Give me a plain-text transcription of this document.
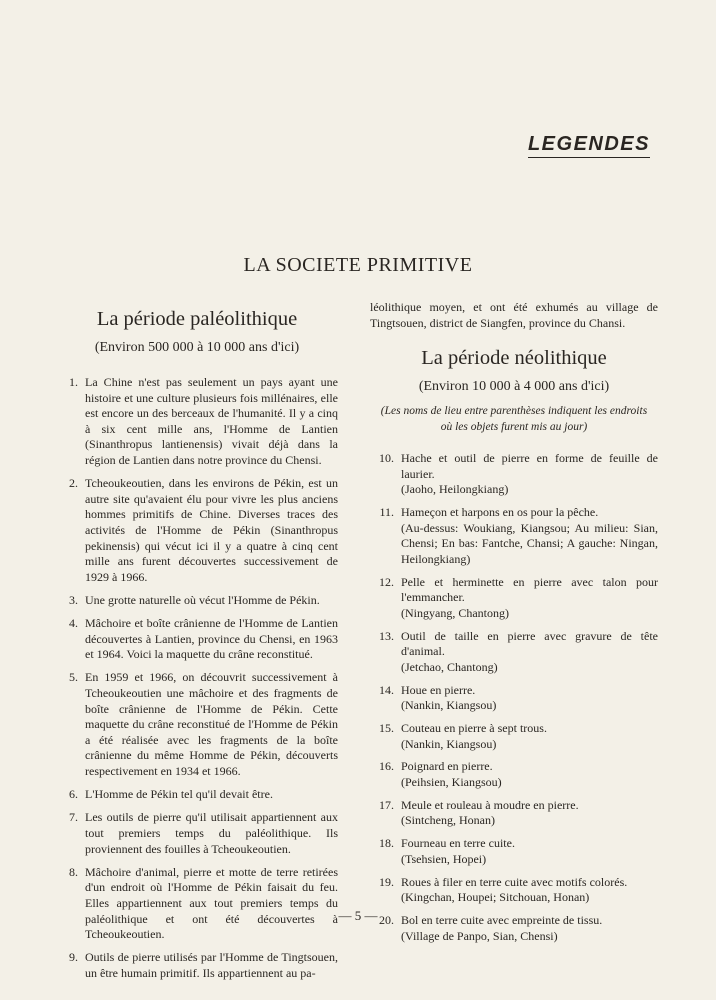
LEGENDES
LA SOCIETE PRIMITIVE
La période paléolithique
(Environ 500 000 à 10 000 ans d'ici)
1. La Chine n'est pas seulement un pays ayant une histoire et une culture plusieurs fois millénaires, elle est encore un des berceaux de l'humanité. Il y a cinq à six cent mille ans, l'Homme de Lantien (Sinanthropus lantienensis) vivait déjà dans la région de Lantien dans notre province du Chensi.
2. Tcheoukeoutien, dans les environs de Pékin, est un autre site qu'avaient élu pour vivre les plus anciens hommes primitifs de Chine. Diverses traces des activités de l'Homme de Pékin (Sinanthropus pekinensis) qui vécut ici il y a quatre à cinq cent mille ans furent découvertes successivement de 1929 à 1966.
3. Une grotte naturelle où vécut l'Homme de Pékin.
4. Mâchoire et boîte crânienne de l'Homme de Lantien découvertes à Lantien, province du Chensi, en 1963 et 1964. Voici la maquette du crâne reconstitué.
5. En 1959 et 1966, on découvrit successivement à Tcheoukeoutien une mâchoire et des fragments de boîte crânienne de l'Homme de Pékin. Cette maquette du crâne reconstitué de l'Homme de Pékin a été réalisée avec les fragments de la boîte crânienne du même Homme de Pékin, découverts respectivement en 1934 et 1966.
6. L'Homme de Pékin tel qu'il devait être.
7. Les outils de pierre qu'il utilisait appartiennent aux tout premiers temps du paléolithique. Ils proviennent des fouilles à Tcheoukeoutien.
8. Mâchoire d'animal, pierre et motte de terre retirées d'un endroit où l'Homme de Pékin faisait du feu. Elles appartiennent aux tout premiers temps du paléolithique et ont été découvertes à Tcheoukeoutien.
9. Outils de pierre utilisés par l'Homme de Tingtsouen, un être humain primitif. Ils appartiennent au pa-
léolithique moyen, et ont été exhumés au village de Tingtsouen, district de Siangfen, province du Chansi.
La période néolithique
(Environ 10 000 à 4 000 ans d'ici)
(Les noms de lieu entre parenthèses indiquent les endroits où les objets furent mis au jour)
10. Hache et outil de pierre en forme de feuille de laurier.
(Jaoho, Heilongkiang)
11. Hameçon et harpons en os pour la pêche.
(Au-dessus: Woukiang, Kiangsou; Au milieu: Sian, Chensi; En bas: Fantche, Chansi; A gauche: Ningan, Heilongkiang)
12. Pelle et herminette en pierre avec talon pour l'emmancher.
(Ningyang, Chantong)
13. Outil de taille en pierre avec gravure de tête d'animal.
(Jetchao, Chantong)
14. Houe en pierre.
(Nankin, Kiangsou)
15. Couteau en pierre à sept trous.
(Nankin, Kiangsou)
16. Poignard en pierre.
(Peihsien, Kiangsou)
17. Meule et rouleau à moudre en pierre.
(Sintcheng, Honan)
18. Fourneau en terre cuite.
(Tsehsien, Hopei)
19. Roues à filer en terre cuite avec motifs colorés.
(Kingchan, Houpei; Sitchouan, Honan)
20. Bol en terre cuite avec empreinte de tissu.
(Village de Panpo, Sian, Chensi)
— 5 —
